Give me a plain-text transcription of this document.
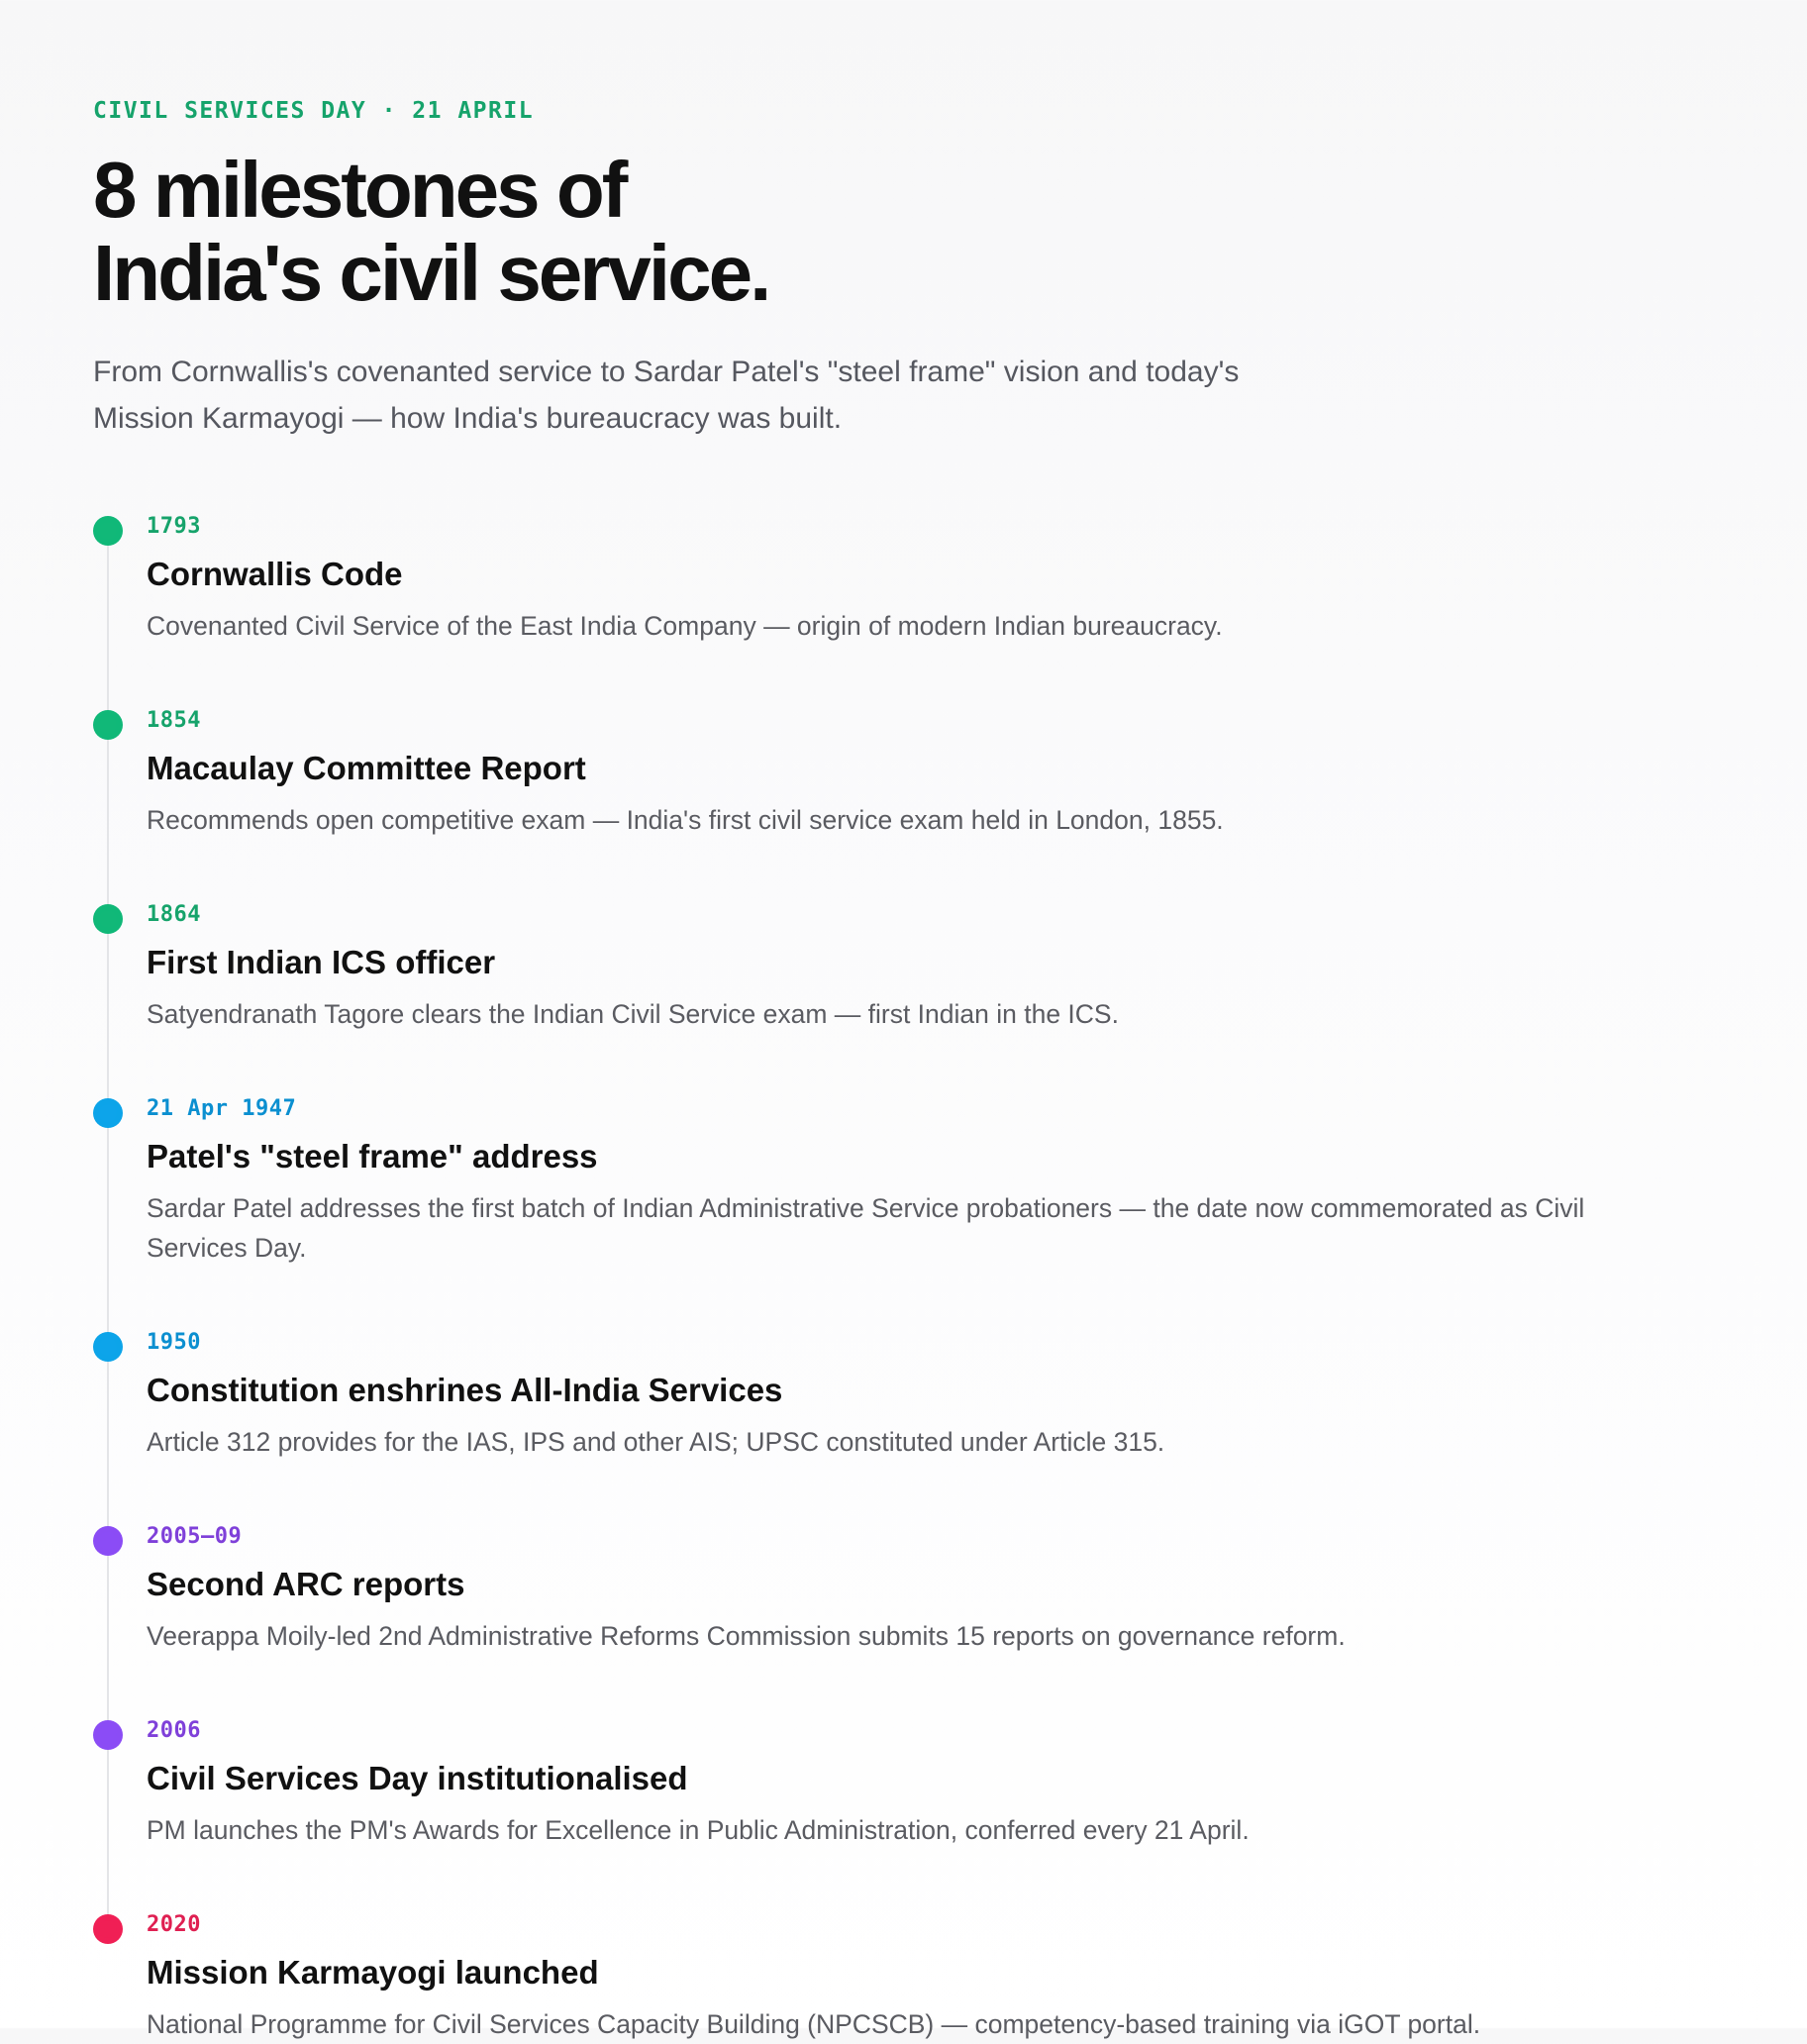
CIVIL SERVICES DAY · 21 APRIL
8 milestones of
India's civil service.

From Cornwallis's covenanted service to Sardar Patel's "steel frame" vision and today's Mission Karmayogi — how India's bureaucracy was built.

1793
Cornwallis Code

Covenanted Civil Service of the East India Company — origin of modern Indian bureaucracy.

1854
Macaulay Committee Report

Recommends open competitive exam — India's first civil service exam held in London, 1855.

1864
First Indian ICS officer

Satyendranath Tagore clears the Indian Civil Service exam — first Indian in the ICS.

21 Apr 1947
Patel's "steel frame" address

Sardar Patel addresses the first batch of Indian Administrative Service probationers — the date now commemorated as Civil Services Day.

1950
Constitution enshrines All-India Services

Article 312 provides for the IAS, IPS and other AIS; UPSC constituted under Article 315.

2005–09
Second ARC reports

Veerappa Moily-led 2nd Administrative Reforms Commission submits 15 reports on governance reform.

2006
Civil Services Day institutionalised

PM launches the PM's Awards for Excellence in Public Administration, conferred every 21 April.

2020
Mission Karmayogi launched

National Programme for Civil Services Capacity Building (NPCSCB) — competency-based training via iGOT portal.
